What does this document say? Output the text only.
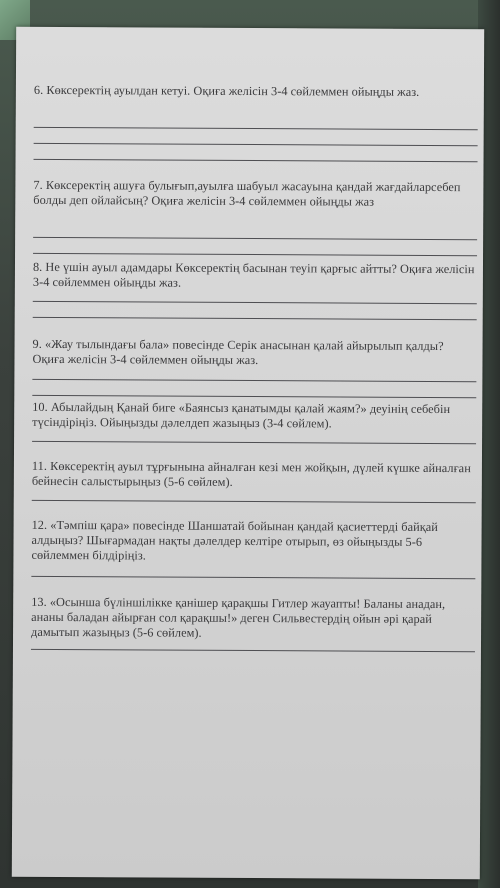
6. Көксеректің ауылдан кетуі. Оқиға желісін 3-4 сөйлеммен ойыңды жаз.
7. Көксеректің ашуға булығып,ауылға шабуыл жасауына қандай жағдайларсебеп болды деп ойлайсың? Оқиға желісін 3-4 сөйлеммен ойыңды жаз
8. Не үшін ауыл адамдары Көксеректің басынан теуіп қарғыс айтты? Оқиға желісін 3-4 сөйлеммен ойыңды жаз.
9. «Жау тылындағы бала» повесінде Серік анасынан қалай айырылып қалды? Оқиға желісін 3-4 сөйлеммен ойыңды жаз.
10. Абылайдың Қанай биге «Баянсыз қанатымды қалай жаям?» деуінің себебін түсіндіріңіз. Ойыңызды дәлелдеп жазыңыз (3-4 сөйлем).
11. Көксеректің ауыл тұрғынына айналған кезі мен жойқын, дүлей күшке айналған бейнесін салыстырыңыз (5-6 сөйлем).
12. «Тәмпіш қара» повесінде Шаншатай бойынан қандай қасиеттерді байқай алдыңыз? Шығармадан нақты дәлелдер келтіре отырып, өз ойыңызды 5-6 сөйлеммен білдіріңіз.
13. «Осынша бүліншілікке қанішер қарақшы Гитлер жауапты! Баланы анадан, ананы баладан айырған сол қарақшы!» деген Сильвестердің ойын әрі қарай дамытып жазыңыз (5-6 сөйлем).
